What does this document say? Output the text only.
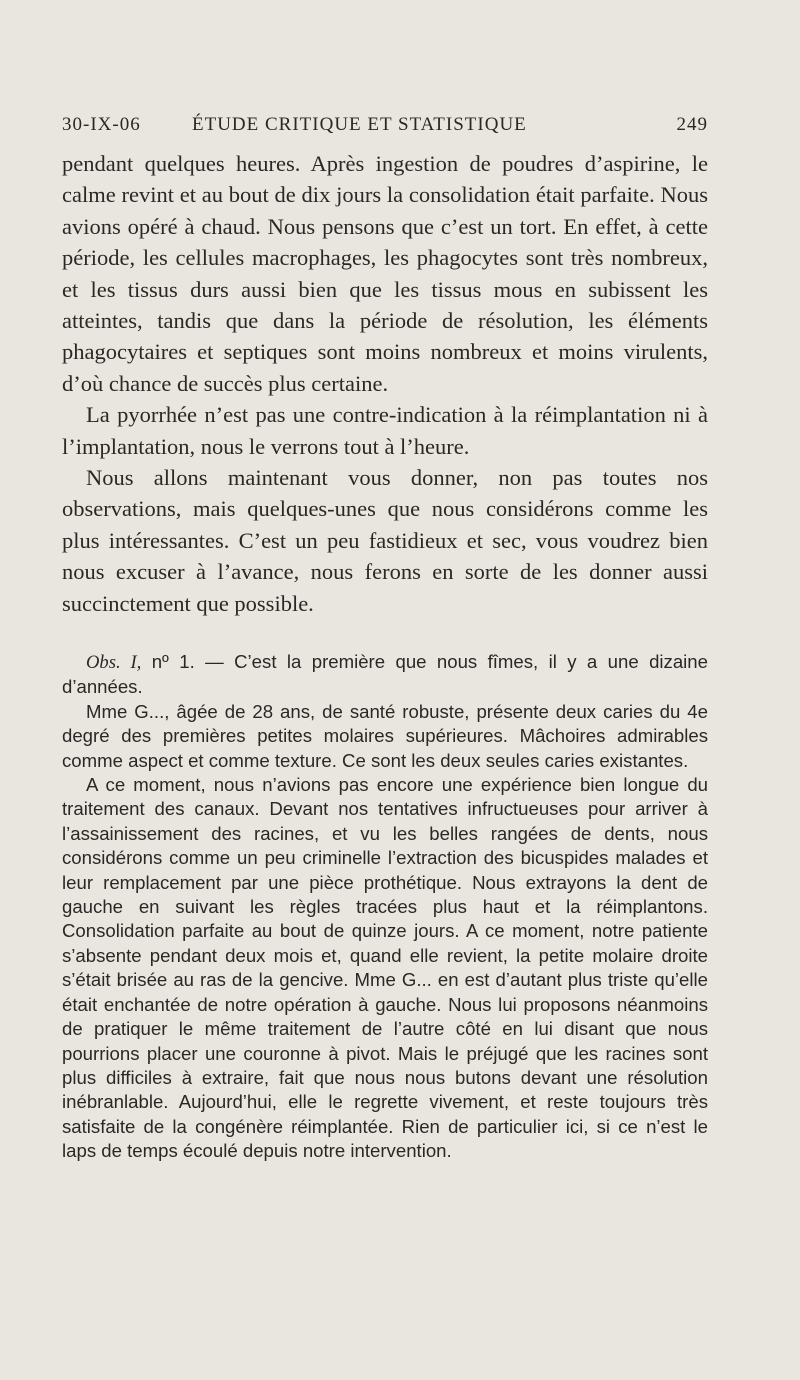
30-IX-06	ÉTUDE CRITIQUE ET STATISTIQUE	249

pendant quelques heures. Après ingestion de poudres d’aspirine, le calme revint et au bout de dix jours la consolidation était parfaite. Nous avions opéré à chaud. Nous pensons que c’est un tort. En effet, à cette période, les cellules macrophages, les phagocytes sont très nombreux, et les tissus durs aussi bien que les tissus mous en subissent les atteintes, tandis que dans la période de résolution, les éléments phagocytaires et septiques sont moins nombreux et moins virulents, d’où chance de succès plus certaine.

La pyorrhée n’est pas une contre-indication à la réimplantation ni à l’implantation, nous le verrons tout à l’heure.

Nous allons maintenant vous donner, non pas toutes nos observations, mais quelques-unes que nous considérons comme les plus intéressantes. C’est un peu fastidieux et sec, vous voudrez bien nous excuser à l’avance, nous ferons en sorte de les donner aussi succinctement que possible.

Obs. I, nº 1. — C’est la première que nous fîmes, il y a une dizaine d’années.

Mme G..., âgée de 28 ans, de santé robuste, présente deux caries du 4e degré des premières petites molaires supérieures. Mâchoires admirables comme aspect et comme texture. Ce sont les deux seules caries existantes.

A ce moment, nous n’avions pas encore une expérience bien longue du traitement des canaux. Devant nos tentatives infructueuses pour arriver à l’assainissement des racines, et vu les belles rangées de dents, nous considérons comme un peu criminelle l’extraction des bicuspides malades et leur remplacement par une pièce prothétique. Nous extrayons la dent de gauche en suivant les règles tracées plus haut et la réimplantons. Consolidation parfaite au bout de quinze jours. A ce moment, notre patiente s’absente pendant deux mois et, quand elle revient, la petite molaire droite s’était brisée au ras de la gencive. Mme G... en est d’autant plus triste qu’elle était enchantée de notre opération à gauche. Nous lui proposons néanmoins de pratiquer le même traitement de l’autre côté en lui disant que nous pourrions placer une couronne à pivot. Mais le préjugé que les racines sont plus difficiles à extraire, fait que nous nous butons devant une résolution inébranlable. Aujourd’hui, elle le regrette vivement, et reste toujours très satisfaite de la congénère réimplantée. Rien de particulier ici, si ce n’est le laps de temps écoulé depuis notre intervention.
